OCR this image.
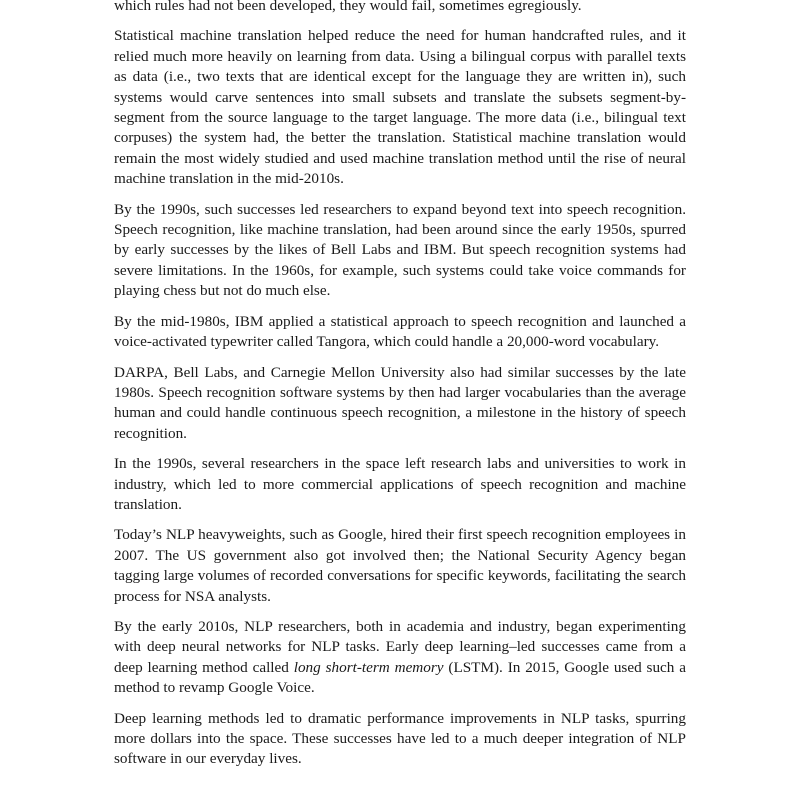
which rules had not been developed, they would fail, sometimes egregiously.

Statistical machine translation helped reduce the need for human handcrafted rules, and it relied much more heavily on learning from data. Using a bilingual corpus with parallel texts as data (i.e., two texts that are identical except for the language they are written in), such systems would carve sentences into small subsets and translate the subsets segment-by-segment from the source language to the target language. The more data (i.e., bilingual text corpuses) the system had, the better the translation. Statistical machine translation would remain the most widely studied and used machine translation method until the rise of neural machine translation in the mid-2010s.

By the 1990s, such successes led researchers to expand beyond text into speech recognition. Speech recognition, like machine translation, had been around since the early 1950s, spurred by early successes by the likes of Bell Labs and IBM. But speech recognition systems had severe limitations. In the 1960s, for example, such systems could take voice commands for playing chess but not do much else.

By the mid-1980s, IBM applied a statistical approach to speech recognition and launched a voice-activated typewriter called Tangora, which could handle a 20,000-word vocabulary.

DARPA, Bell Labs, and Carnegie Mellon University also had similar successes by the late 1980s. Speech recognition software systems by then had larger vocabularies than the average human and could handle continuous speech recognition, a milestone in the history of speech recognition.

In the 1990s, several researchers in the space left research labs and universities to work in industry, which led to more commercial applications of speech recognition and machine translation.

Today’s NLP heavyweights, such as Google, hired their first speech recognition employees in 2007. The US government also got involved then; the National Security Agency began tagging large volumes of recorded conversations for specific keywords, facilitating the search process for NSA analysts.

By the early 2010s, NLP researchers, both in academia and industry, began experimenting with deep neural networks for NLP tasks. Early deep learning–led successes came from a deep learning method called long short-term memory (LSTM). In 2015, Google used such a method to revamp Google Voice.

Deep learning methods led to dramatic performance improvements in NLP tasks, spurring more dollars into the space. These successes have led to a much deeper integration of NLP software in our everyday lives.
